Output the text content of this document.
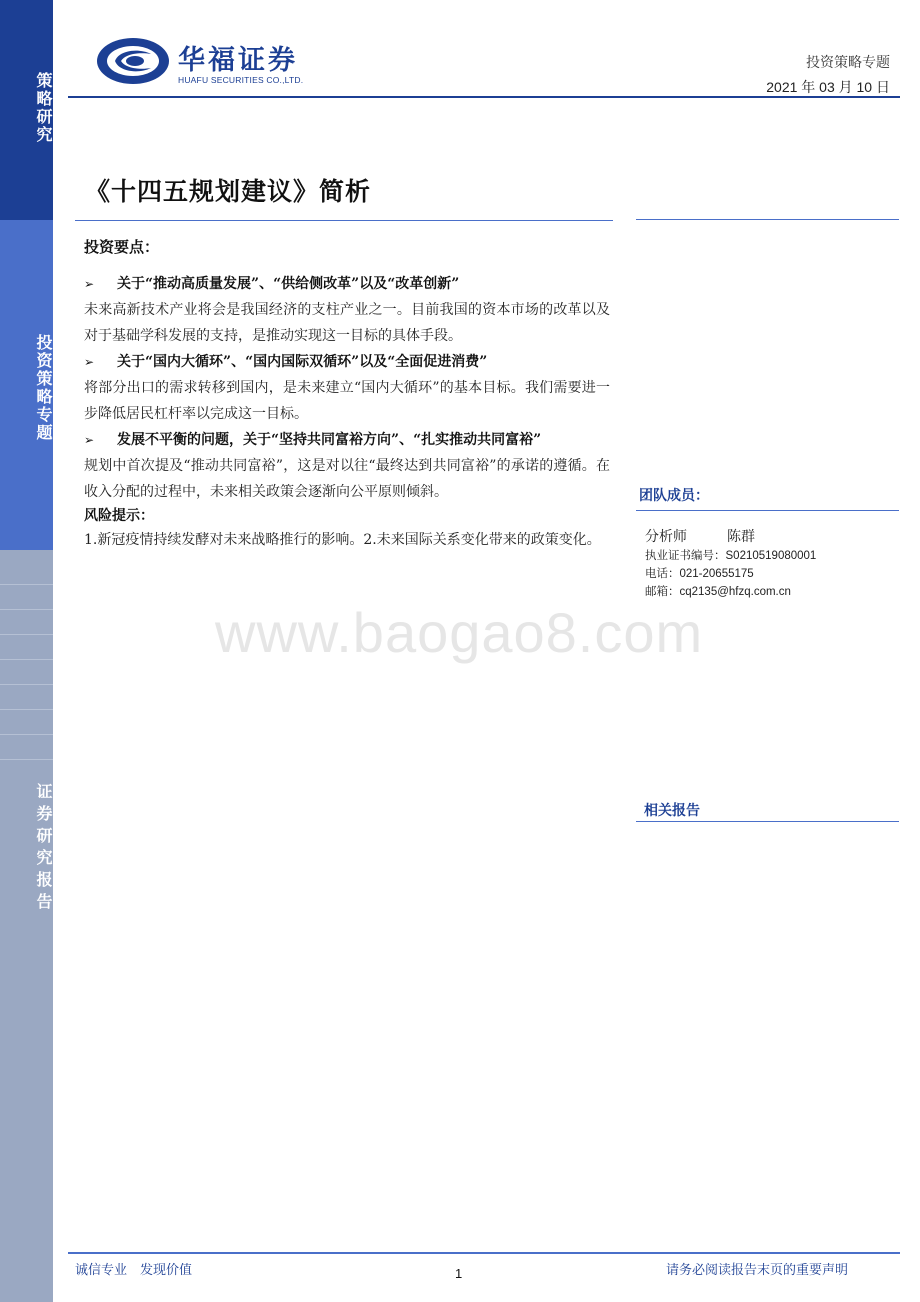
策略研究
投资策略专题
证券研究报告
华福证券
HUAFU SECURITIES CO.,LTD.
投资策略专题
2021 年 03 月 10 日
《十四五规划建议》简析
投资要点：
➢	关于“推动高质量发展”、“供给侧改革”以及“改革创新”
未来高新技术产业将会是我国经济的支柱产业之一。目前我国的资本市场的改革以及对于基础学科发展的支持，是推动实现这一目标的具体手段。
➢	关于“国内大循环”、“国内国际双循环”以及“全面促进消费”
将部分出口的需求转移到国内，是未来建立“国内大循环”的基本目标。我们需要进一步降低居民杠杆率以完成这一目标。
➢	发展不平衡的问题，关于“坚持共同富裕方向”、“扎实推动共同富裕”
规划中首次提及“推动共同富裕”，这是对以往“最终达到共同富裕”的承诺的遵循。在收入分配的过程中，未来相关政策会逐渐向公平原则倾斜。
风险提示：
1.新冠疫情持续发酵对未来战略推行的影响。2.未来国际关系变化带来的政策变化。
www.baogao8.com
团队成员：
分析师	陈群
执业证书编号：S0210519080001
电话：021-20655175
邮箱：cq2135@hfzq.com.cn
相关报告
诚信专业　发现价值	1	请务必阅读报告末页的重要声明
